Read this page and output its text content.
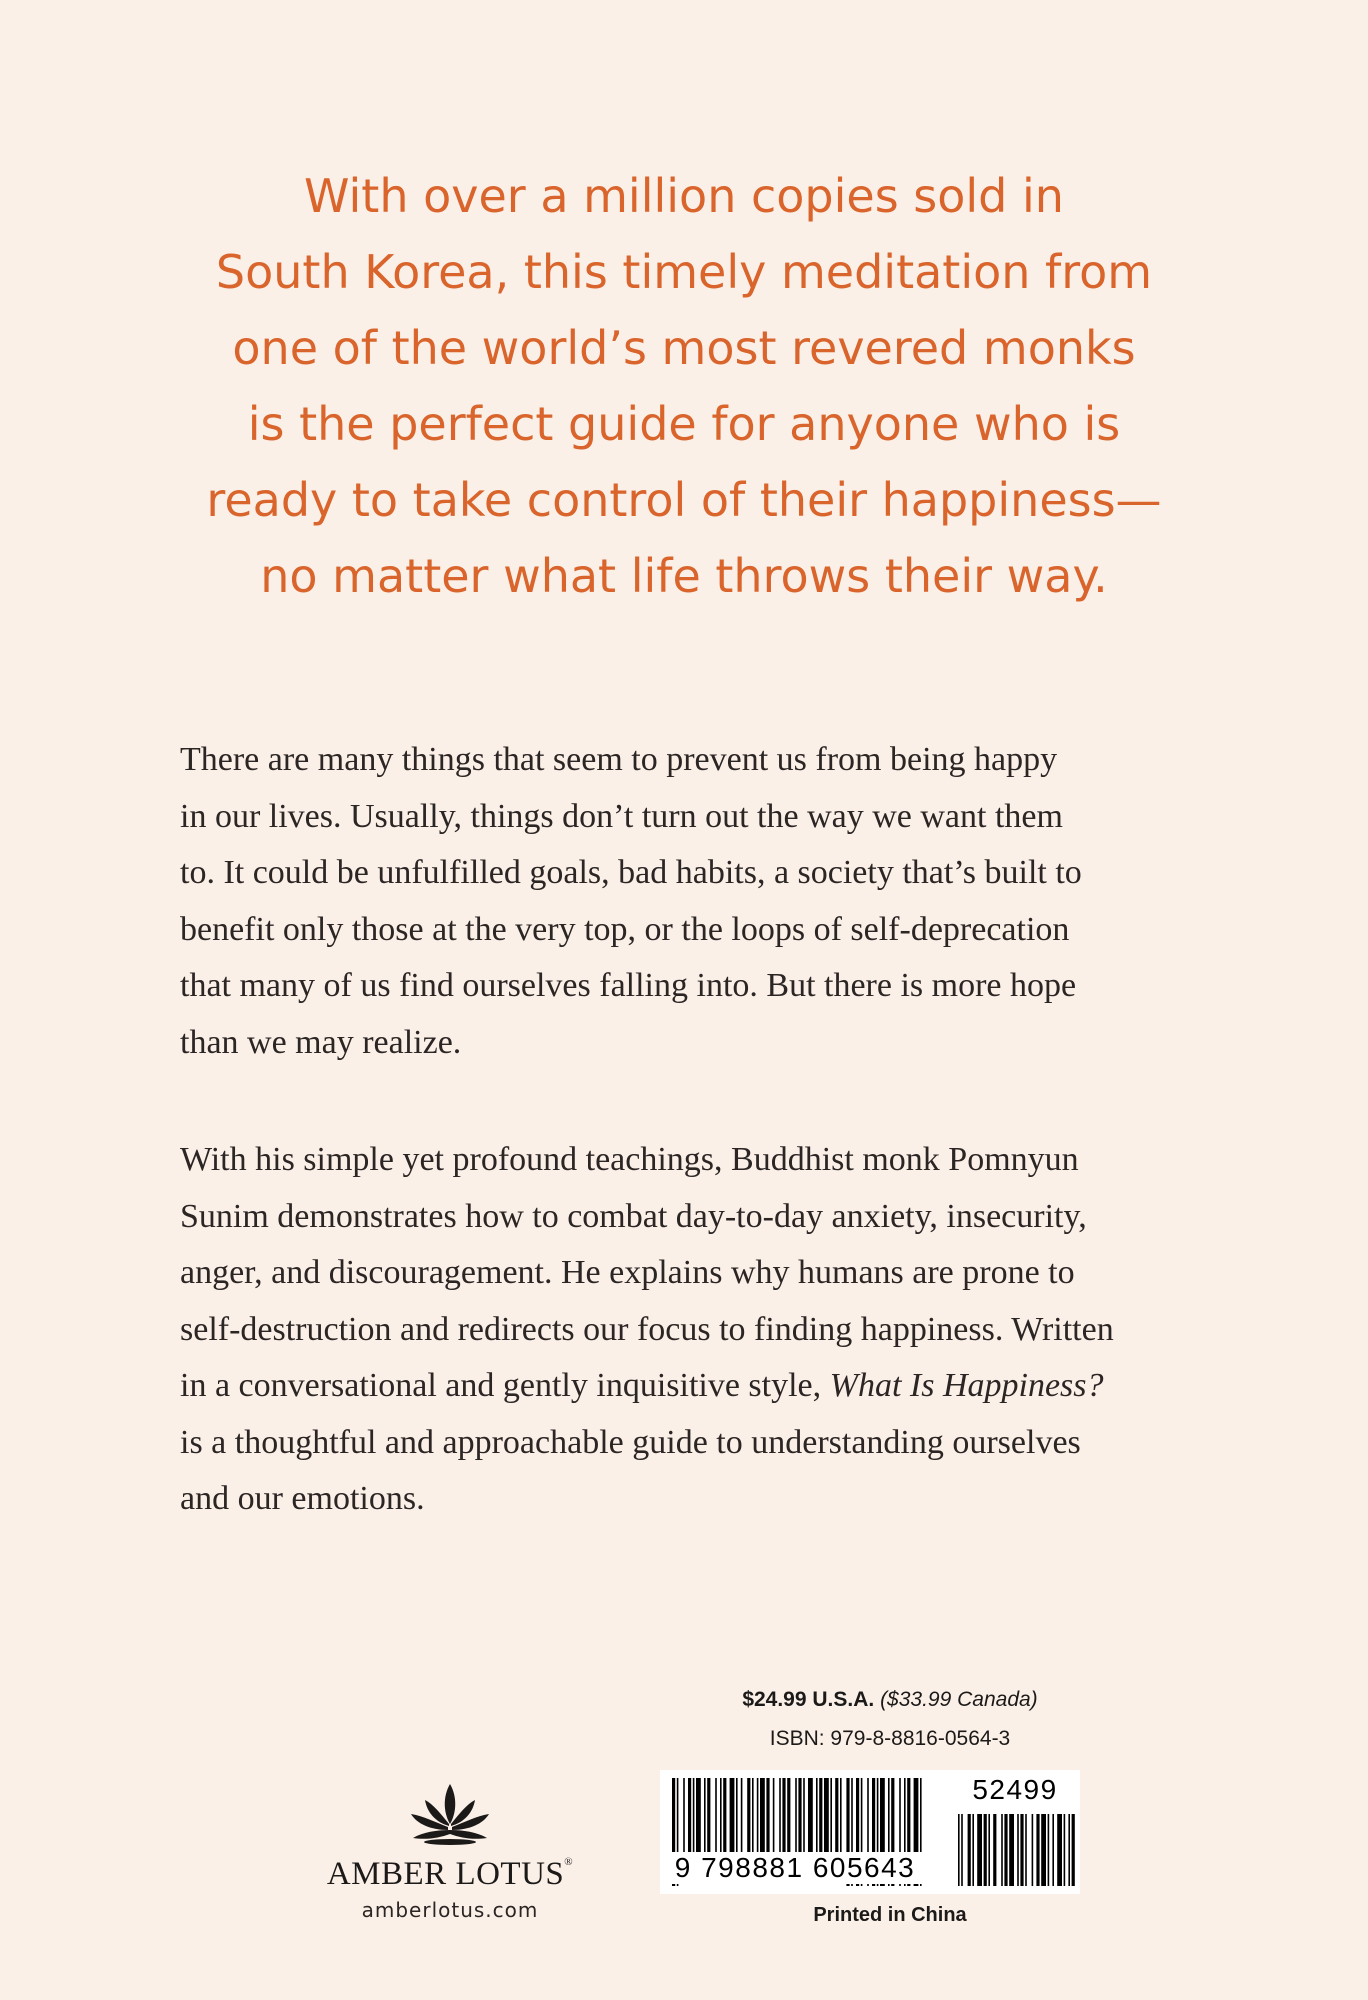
With over a million copies sold in
South Korea, this timely meditation from
one of the world’s most revered monks
is the perfect guide for anyone who is
ready to take control of their happiness—
no matter what life throws their way.
There are many things that seem to prevent us from being happy
in our lives. Usually, things don’t turn out the way we want them
to. It could be unfulfilled goals, bad habits, a society that’s built to
benefit only those at the very top, or the loops of self-deprecation
that many of us find ourselves falling into. But there is more hope
than we may realize.
With his simple yet profound teachings, Buddhist monk Pomnyun
Sunim demonstrates how to combat day-to-day anxiety, insecurity,
anger, and discouragement. He explains why humans are prone to
self-destruction and redirects our focus to finding happiness. Written
in a conversational and gently inquisitive style, What Is Happiness?
is a thoughtful and approachable guide to understanding ourselves
and our emotions.
AMBER LOTUS®
amberlotus.com
$24.99 U.S.A. ($33.99 Canada)
ISBN: 979-8-8816-0564-3
9 798881 605643
52499
Printed in China
